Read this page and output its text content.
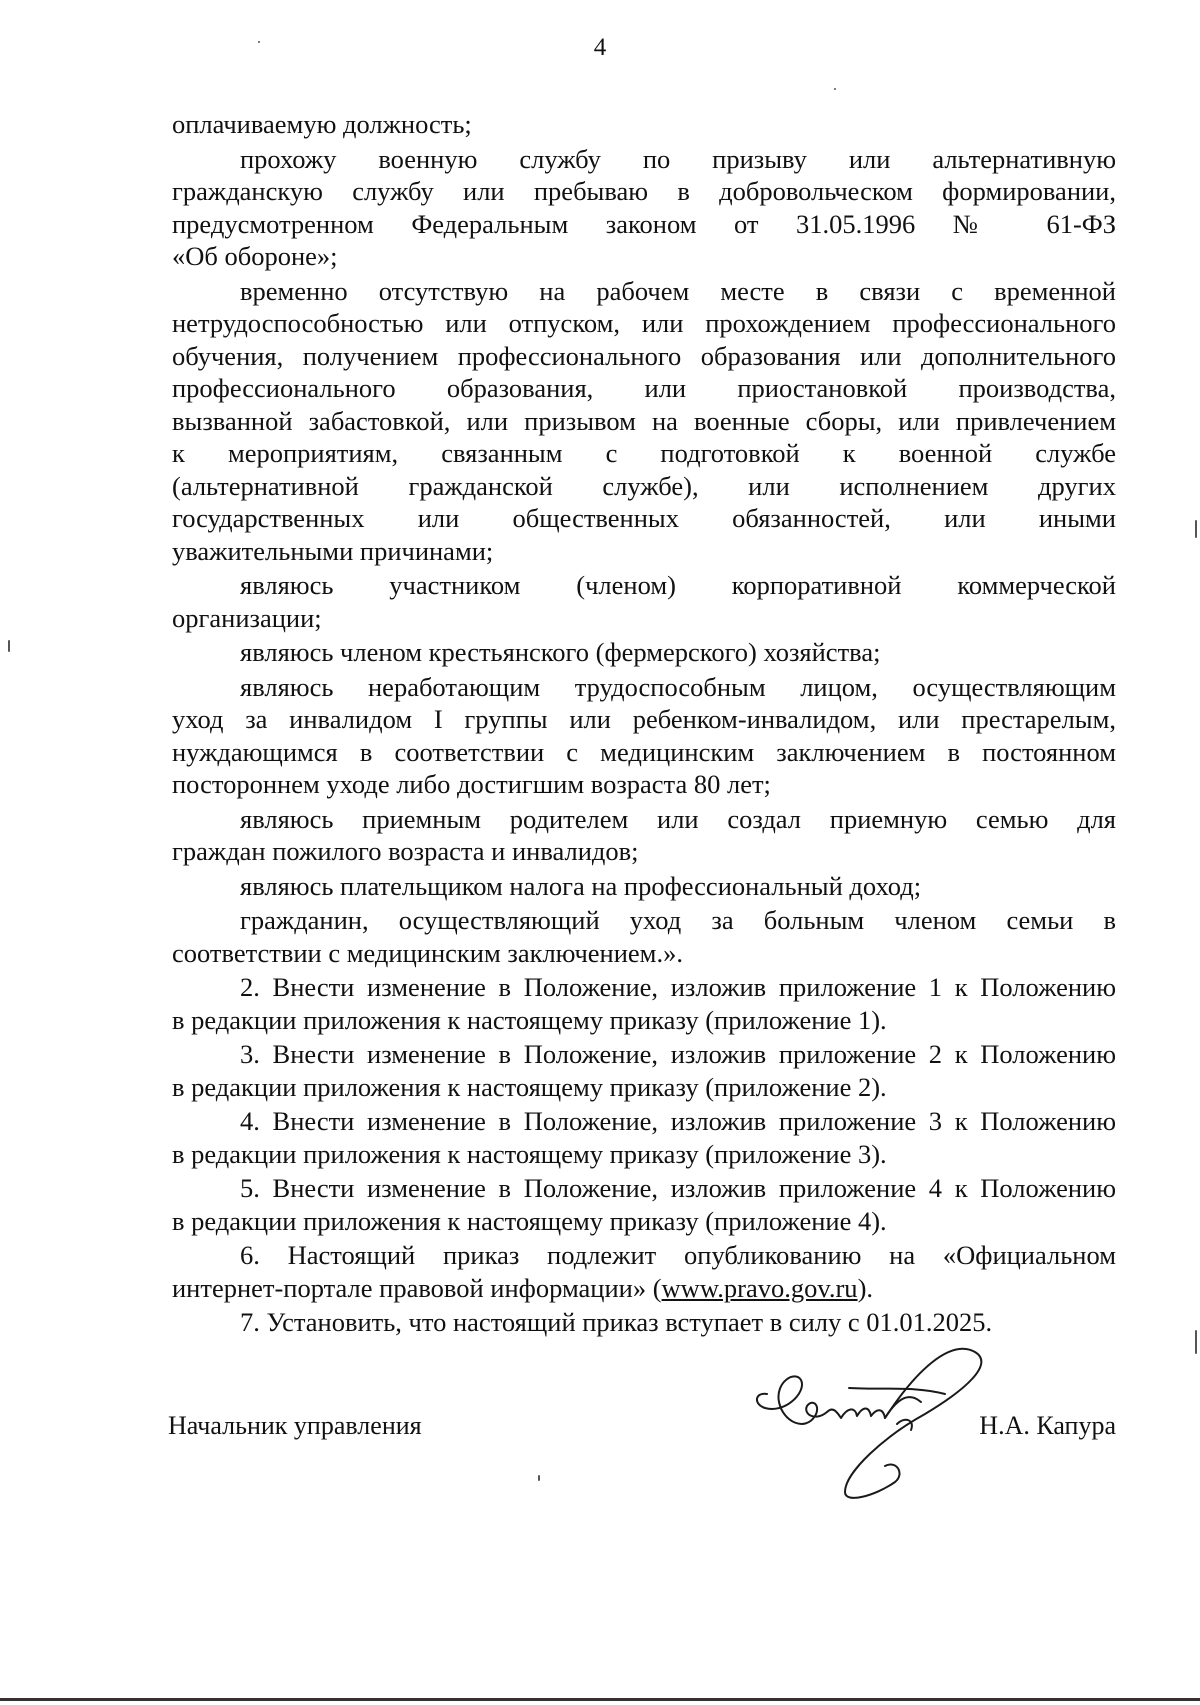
4
оплачиваемую должность;
прохожу военную службу по призыву или альтернативную
гражданскую службу или пребываю в добровольческом формировании,
предусмотренном Федеральным законом от 31.05.1996 № 61-ФЗ
«Об обороне»;
временно отсутствую на рабочем месте в связи с временной
нетрудоспособностью или отпуском, или прохождением профессионального
обучения, получением профессионального образования или дополнительного
профессионального образования, или приостановкой производства,
вызванной забастовкой, или призывом на военные сборы, или привлечением
к мероприятиям, связанным с подготовкой к военной службе
(альтернативной гражданской службе), или исполнением других
государственных или общественных обязанностей, или иными
уважительными причинами;
являюсь участником (членом) корпоративной коммерческой
организации;
являюсь членом крестьянского (фермерского) хозяйства;
являюсь неработающим трудоспособным лицом, осуществляющим
уход за инвалидом I группы или ребенком-инвалидом, или престарелым,
нуждающимся в соответствии с медицинским заключением в постоянном
постороннем уходе либо достигшим возраста 80 лет;
являюсь приемным родителем или создал приемную семью для
граждан пожилого возраста и инвалидов;
являюсь плательщиком налога на профессиональный доход;
гражданин, осуществляющий уход за больным членом семьи в
соответствии с медицинским заключением.».
2. Внести изменение в Положение, изложив приложение 1 к Положению
в редакции приложения к настоящему приказу (приложение 1).
3. Внести изменение в Положение, изложив приложение 2 к Положению
в редакции приложения к настоящему приказу (приложение 2).
4. Внести изменение в Положение, изложив приложение 3 к Положению
в редакции приложения к настоящему приказу (приложение 3).
5. Внести изменение в Положение, изложив приложение 4 к Положению
в редакции приложения к настоящему приказу (приложение 4).
6. Настоящий приказ подлежит опубликованию на «Официальном
интернет-портале правовой информации» (www.pravo.gov.ru).
7. Установить, что настоящий приказ вступает в силу с 01.01.2025.
Начальник управления	Н.А. Капура
